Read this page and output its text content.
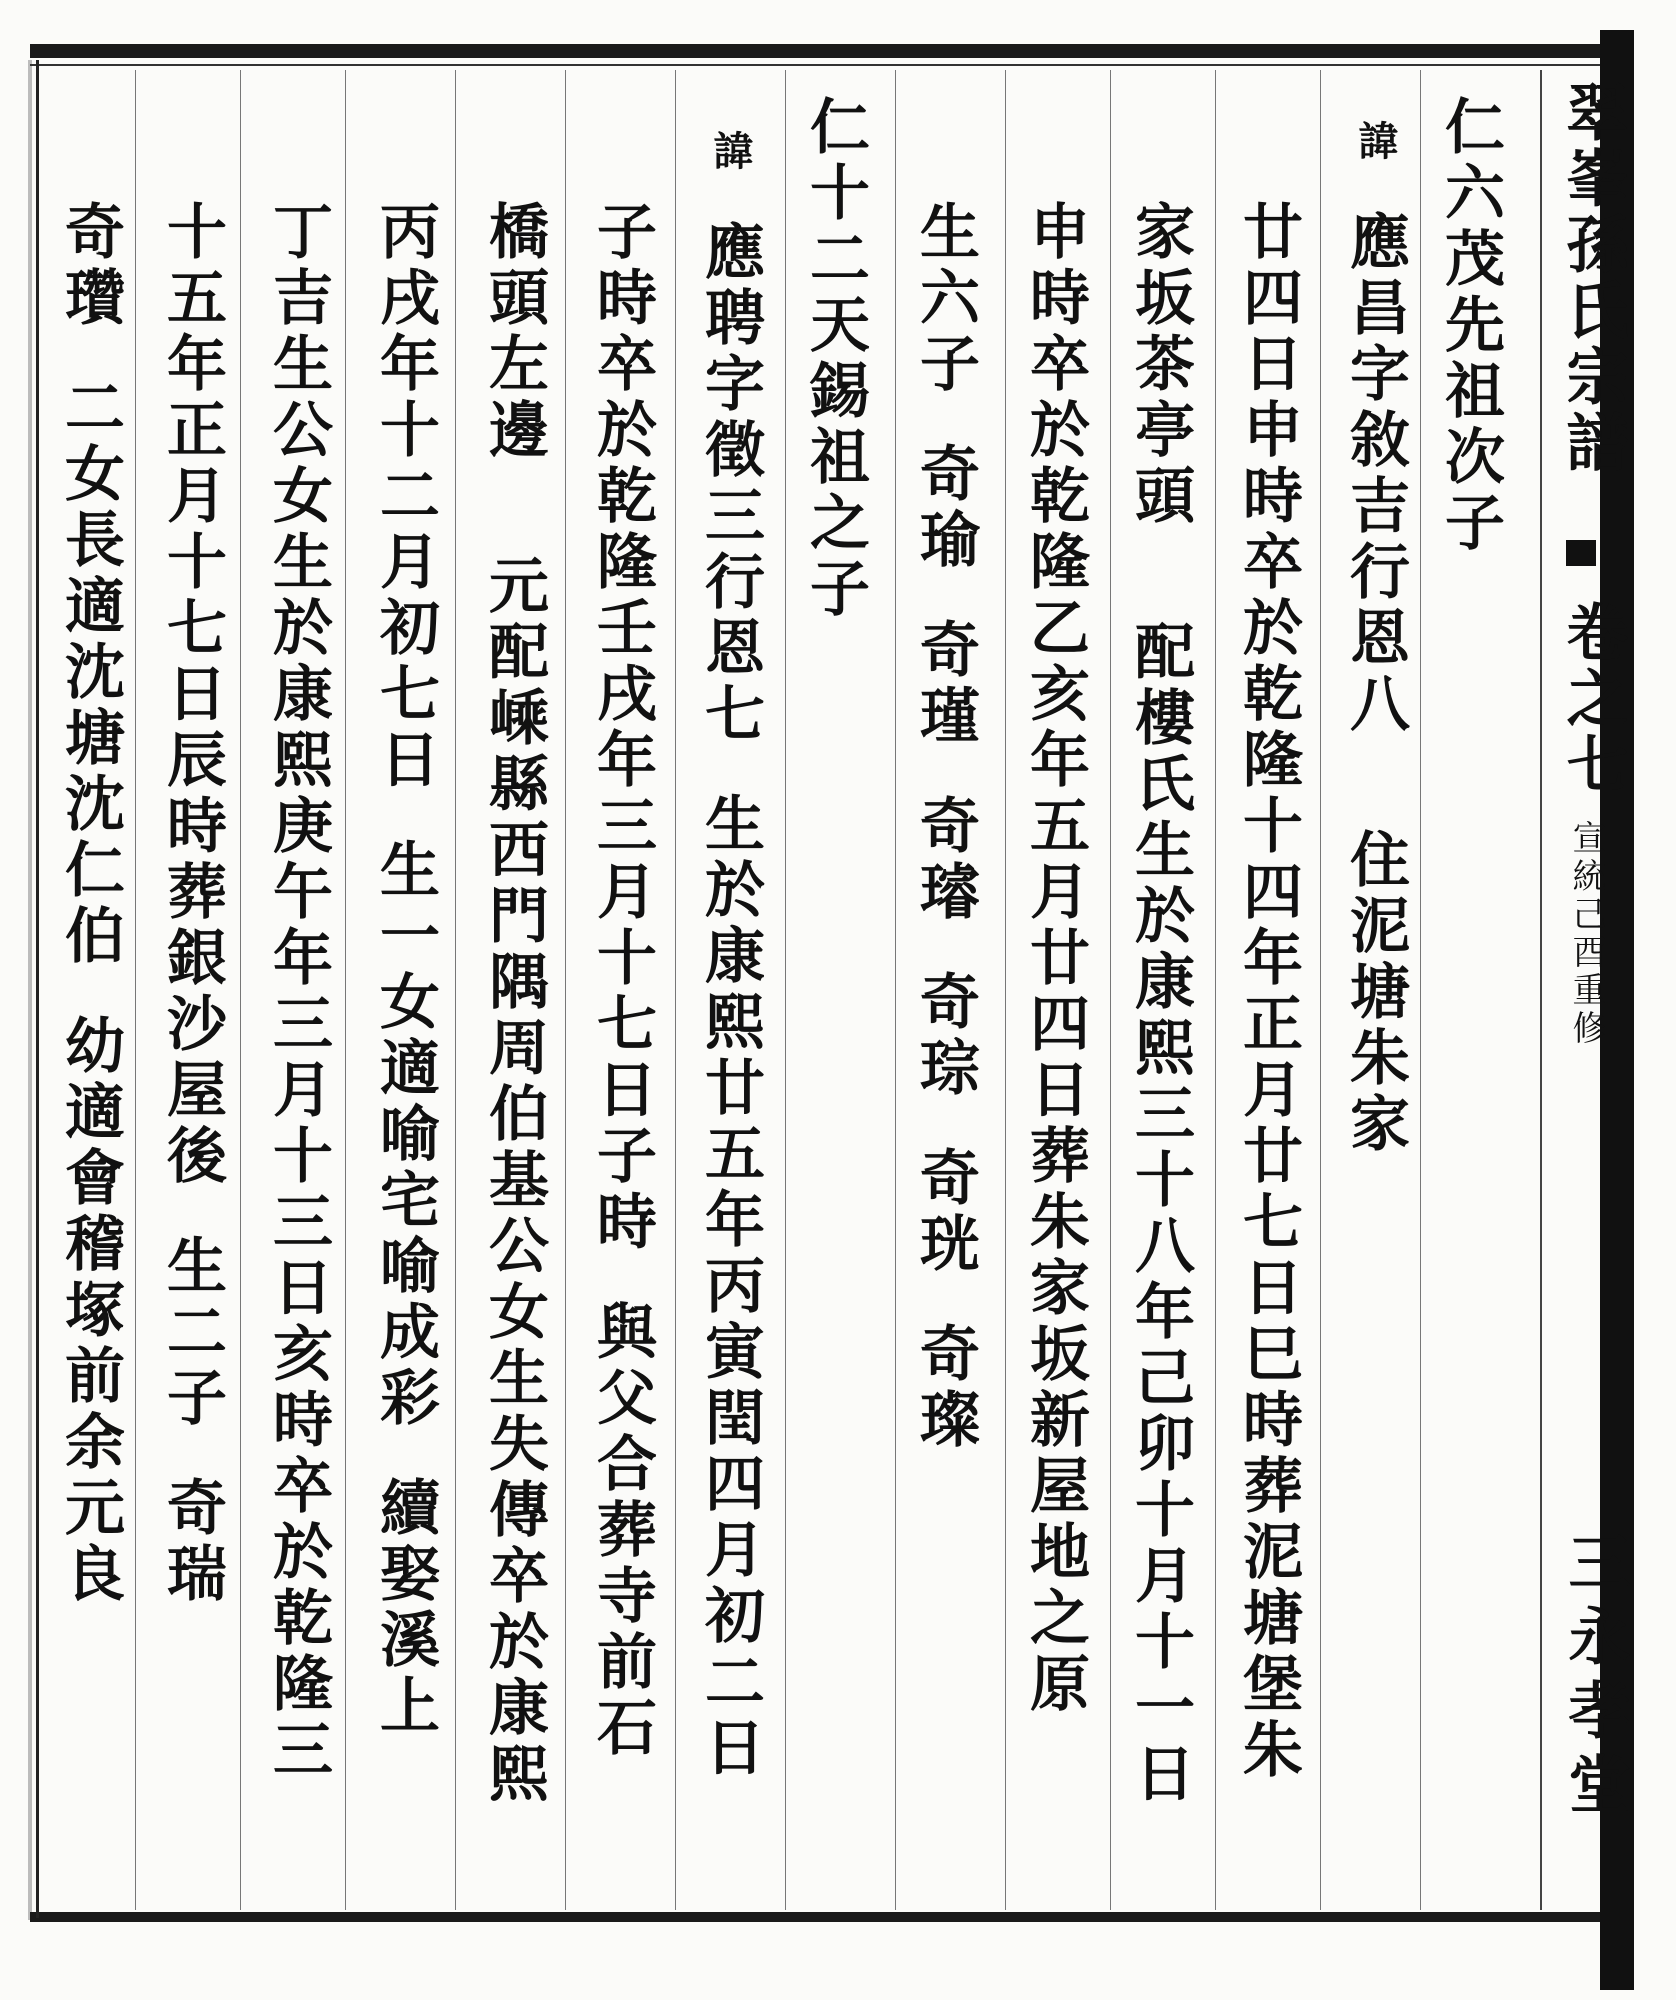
翠峯孫氏宗譜
卷之七
宣統己酉重修
三永孝堂
仁六茂先祖次子
諱應昌字敘吉行恩八住泥塘朱家
廿四日申時卒於乾隆十四年正月廿七日巳時葬泥塘堡朱
家坂茶亭頭配樓氏生於康熙三十八年己卯十月十一日
申時卒於乾隆乙亥年五月廿四日葬朱家坂新屋地之原
生六子奇瑜奇瑾奇璿奇琮奇珖奇璨
仁十二天錫祖之子
諱應聘字徵三行恩七生於康熙廿五年丙寅閏四月初二日
子時卒於乾隆壬戌年三月十七日子時與父合葬寺前石
橋頭左邊元配嵊縣西門隅周伯基公女生失傳卒於康熙
丙戌年十二月初七日生一女適喻宅喻成彩續娶溪上
丁吉生公女生於康熙庚午年三月十三日亥時卒於乾隆三
十五年正月十七日辰時葬銀沙屋後生二子奇瑞
奇瓚二女長適沈塘沈仁伯幼適會稽塚前余元良
